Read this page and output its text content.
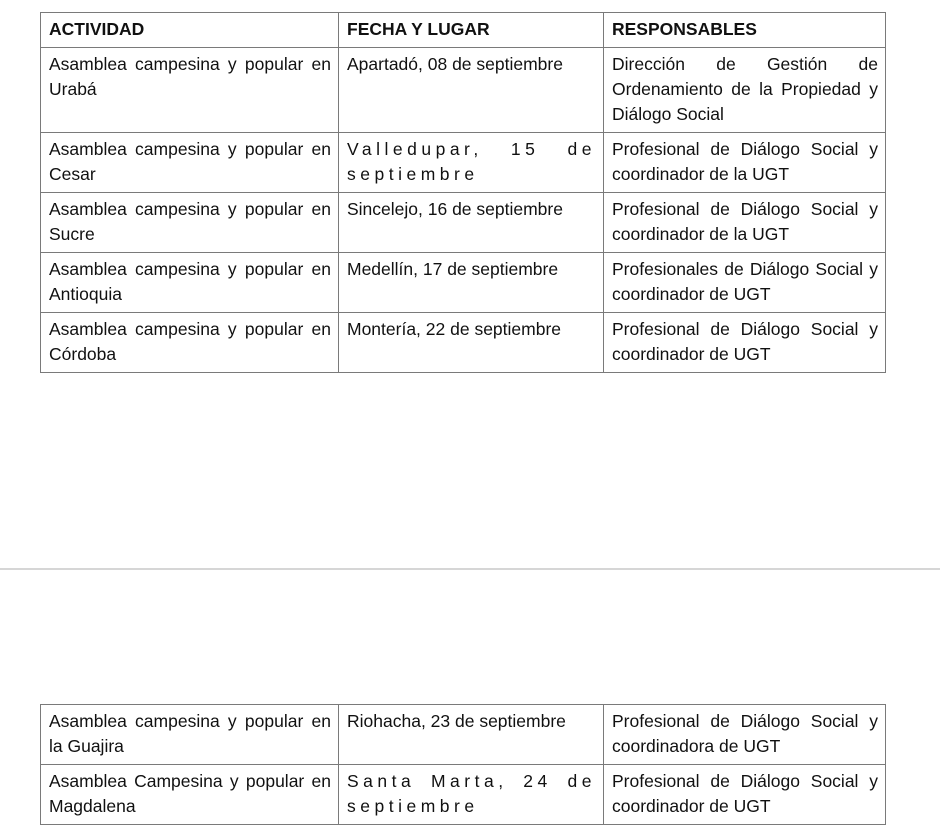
ACTIVIDAD	FECHA Y LUGAR	RESPONSABLES
Asamblea campesina y popular en Urabá	Apartadó, 08 de septiembre	Dirección de Gestión de Ordenamiento de la Propiedad y Diálogo Social
Asamblea campesina y popular en Cesar	Valledupar, 15 de septiembre	Profesional de Diálogo Social y coordinador de la UGT
Asamblea campesina y popular en Sucre	Sincelejo, 16 de septiembre	Profesional de Diálogo Social y coordinador de la UGT
Asamblea campesina y popular en Antioquia	Medellín, 17 de septiembre	Profesionales de Diálogo Social y coordinador de UGT
Asamblea campesina y popular en Córdoba	Montería, 22 de septiembre	Profesional de Diálogo Social y coordinador de UGT
Asamblea campesina y popular en la Guajira	Riohacha, 23 de septiembre	Profesional de Diálogo Social y coordinadora de UGT
Asamblea Campesina y popular en Magdalena	Santa Marta, 24 de septiembre	Profesional de Diálogo Social y coordinador de UGT
